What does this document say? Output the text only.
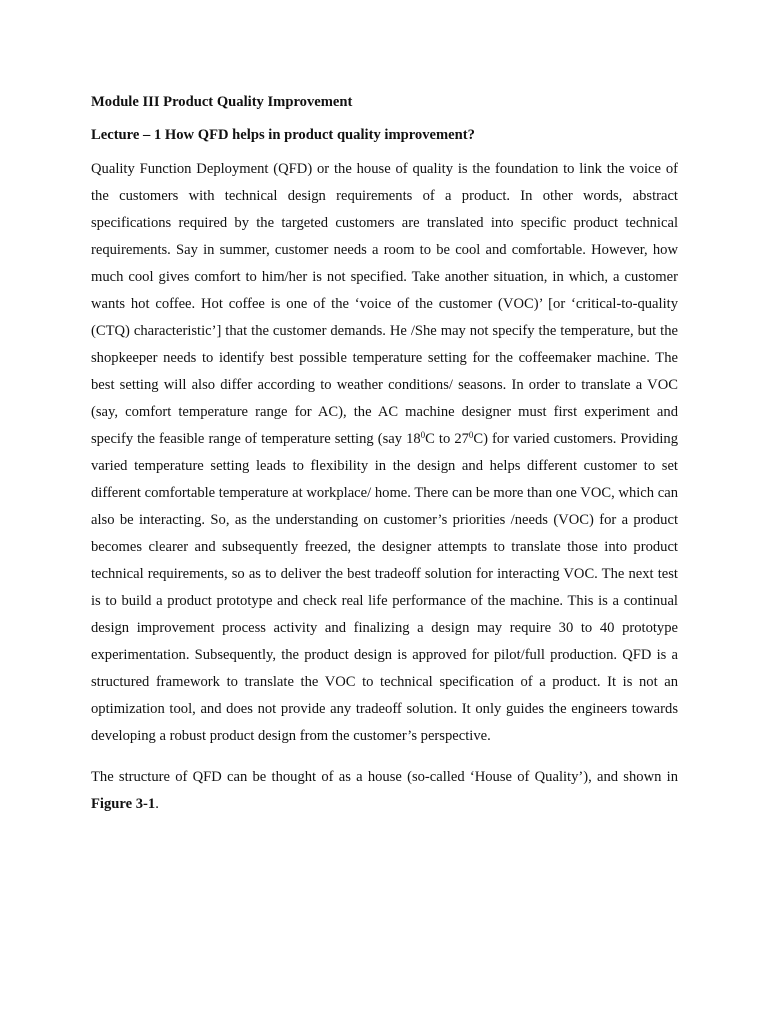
Module III Product Quality Improvement

Lecture – 1 How QFD helps in product quality improvement?

Quality Function Deployment (QFD) or the house of quality is the foundation to link the voice of the customers with technical design requirements of a product. In other words, abstract specifications required by the targeted customers are translated into specific product technical requirements. Say in summer, customer needs a room to be cool and comfortable. However, how much cool gives comfort to him/her is not specified. Take another situation, in which, a customer wants hot coffee. Hot coffee is one of the ‘voice of the customer (VOC)’ [or ‘critical-to-quality (CTQ) characteristic’] that the customer demands. He /She may not specify the temperature, but the shopkeeper needs to identify best possible temperature setting for the coffeemaker machine. The best setting will also differ according to weather conditions/ seasons. In order to translate a VOC (say, comfort temperature range for AC), the AC machine designer must first experiment and specify the feasible range of temperature setting (say $18^0C$ to $27^0C$) for varied customers. Providing varied temperature setting leads to flexibility in the design and helps different customer to set different comfortable temperature at workplace/ home. There can be more than one VOC, which can also be interacting. So, as the understanding on customer’s priorities /needs (VOC) for a product becomes clearer and subsequently freezed, the designer attempts to translate those into product technical requirements, so as to deliver the best tradeoff solution for interacting VOC. The next test is to build a product prototype and check real life performance of the machine. This is a continual design improvement process activity and finalizing a design may require 30 to 40 prototype experimentation. Subsequently, the product design is approved for pilot/full production. QFD is a structured framework to translate the VOC to technical specification of a product. It is not an optimization tool, and does not provide any tradeoff solution. It only guides the engineers towards developing a robust product design from the customer’s perspective.

The structure of QFD can be thought of as a house (so-called ‘House of Quality’), and shown in Figure 3-1.
